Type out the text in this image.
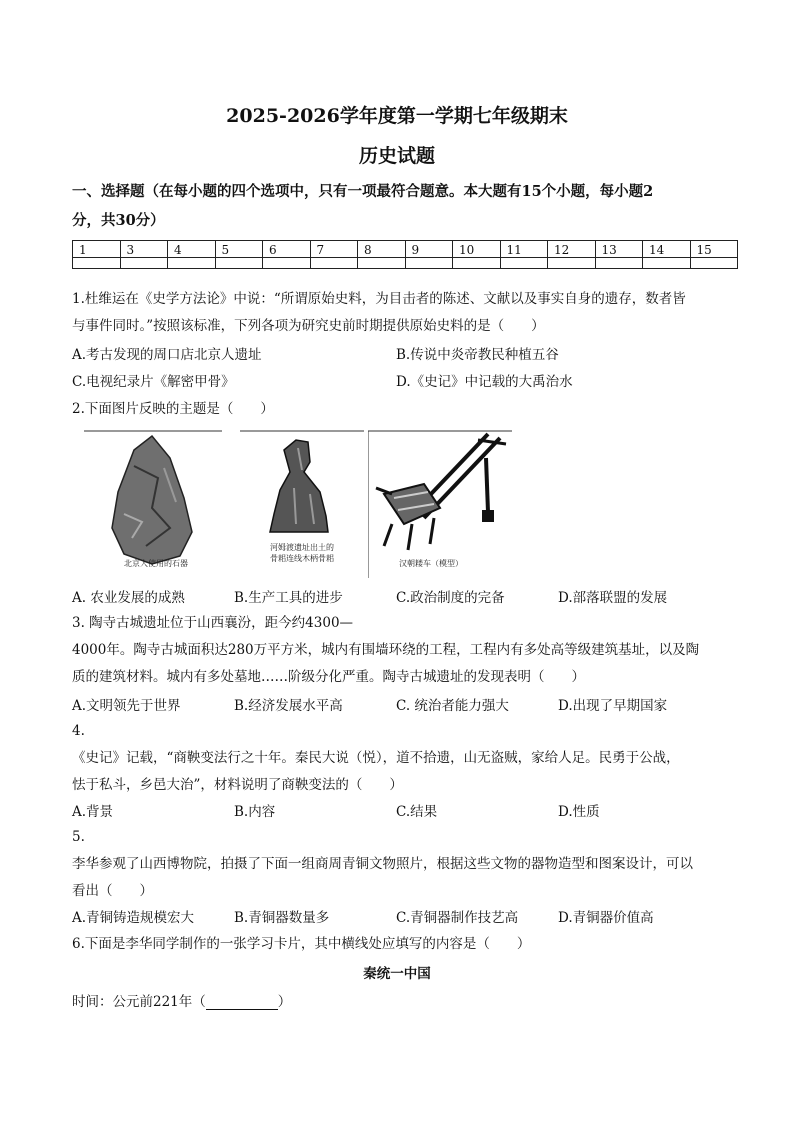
2025-2026学年度第一学期七年级期末
历史试题
一、选择题（在每小题的四个选项中，只有一项最符合题意。本大题有15个小题，每小题2
分，共30分）
1	3	4	5	6	7	8	9	10	11	12	13	14	15

1.杜维运在《史学方法论》中说：“所谓原始史料，为目击者的陈述、文献以及事实自身的遗存，数者皆
与事件同时。”按照该标准，下列各项为研究史前时期提供原始史料的是（　　）
A.考古发现的周口店北京人遗址	B.传说中炎帝教民种植五谷
C.电视纪录片《解密甲骨》	D.《史记》中记载的大禹治水
2.下面图片反映的主题是（　　）
北京人使用的石器
河姆渡遗址出土的
骨耜连线木柄骨耜
汉朝耧车（模型）
A. 农业发展的成熟	B.生产工具的进步	C.政治制度的完备	D.部落联盟的发展
3. 陶寺古城遗址位于山西襄汾，距今约4300—
4000年。陶寺古城面积达280万平方米，城内有围墙环绕的工程，工程内有多处高等级建筑基址，以及陶
质的建筑材料。城内有多处墓地……阶级分化严重。陶寺古城遗址的发现表明（　　）
A.文明领先于世界	B.经济发展水平高	C. 统治者能力强大	D.出现了早期国家
4.
《史记》记载，“商鞅变法行之十年。秦民大说（悦），道不拾遗，山无盗贼，家给人足。民勇于公战，
怯于私斗，乡邑大治”，材料说明了商鞅变法的（　　）
A.背景	B.内容	C.结果	D.性质
5.
李华参观了山西博物院，拍摄了下面一组商周青铜文物照片，根据这些文物的器物造型和图案设计，可以
看出（　　）
A.青铜铸造规模宏大	B.青铜器数量多	C.青铜器制作技艺高	D.青铜器价值高
6.下面是李华同学制作的一张学习卡片，其中横线处应填写的内容是（　　）
秦统一中国
时间：公元前221年（	）
